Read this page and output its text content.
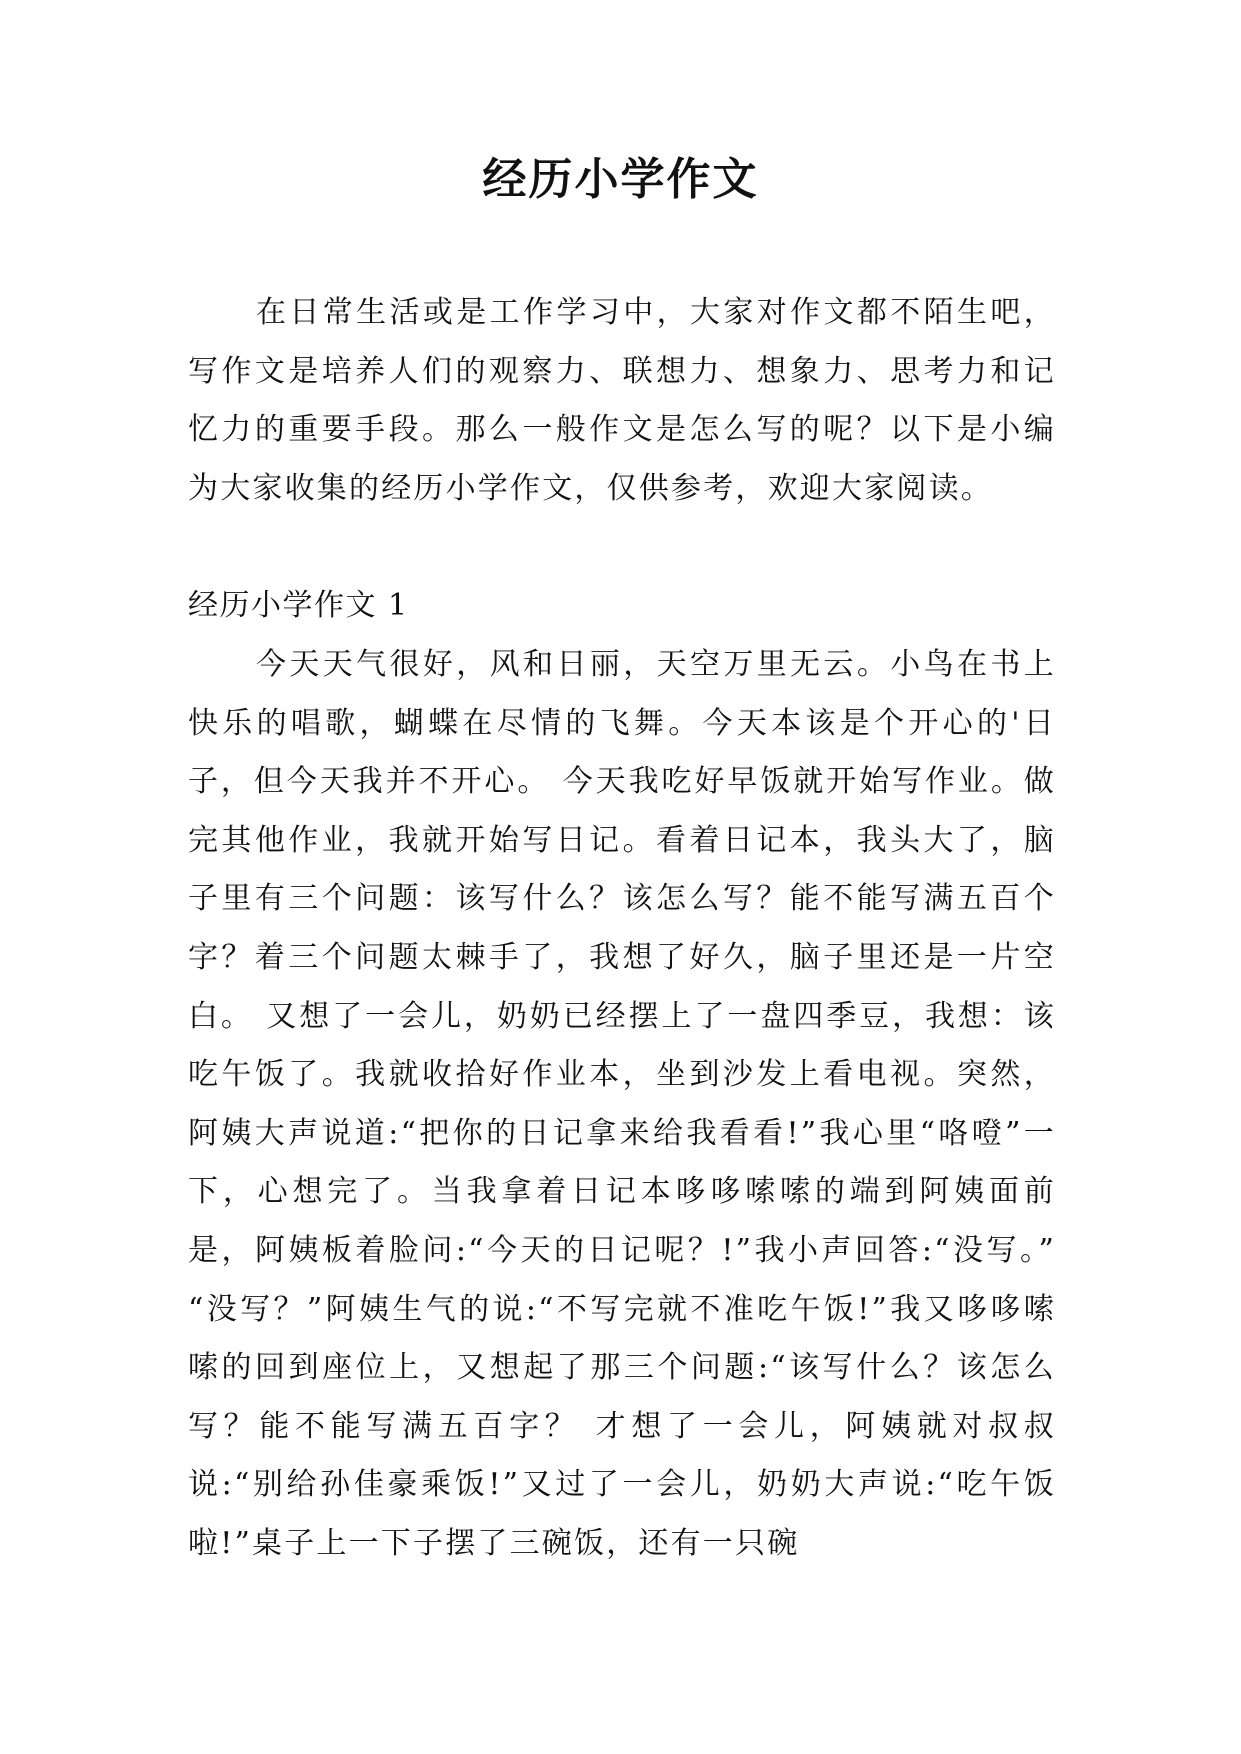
经历小学作文

在日常生活或是工作学习中，大家对作文都不陌生吧，写作文是培养人们的观察力、联想力、想象力、思考力和记忆力的重要手段。那么一般作文是怎么写的呢？以下是小编为大家收集的经历小学作文，仅供参考，欢迎大家阅读。

经历小学作文 1

今天天气很好，风和日丽，天空万里无云。小鸟在书上快乐的唱歌，蝴蝶在尽情的飞舞。今天本该是个开心的'日子，但今天我并不开心。 今天我吃好早饭就开始写作业。做完其他作业，我就开始写日记。看着日记本，我头大了，脑子里有三个问题：该写什么？该怎么写？能不能写满五百个字？着三个问题太棘手了，我想了好久，脑子里还是一片空白。 又想了一会儿，奶奶已经摆上了一盘四季豆，我想：该吃午饭了。我就收拾好作业本，坐到沙发上看电视。突然，阿姨大声说道:“把你的日记拿来给我看看!”我心里“咯噔”一下，心想完了。当我拿着日记本哆哆嗦嗦的端到阿姨面前是，阿姨板着脸问:“今天的日记呢？!”我小声回答:“没写。” “没写？”阿姨生气的说:“不写完就不准吃午饭!”我又哆哆嗦嗦的回到座位上，又想起了那三个问题:“该写什么？该怎么写？能不能写满五百字？ 才想了一会儿，阿姨就对叔叔说:“别给孙佳豪乘饭!”又过了一会儿，奶奶大声说:“吃午饭啦!”桌子上一下子摆了三碗饭，还有一只碗
